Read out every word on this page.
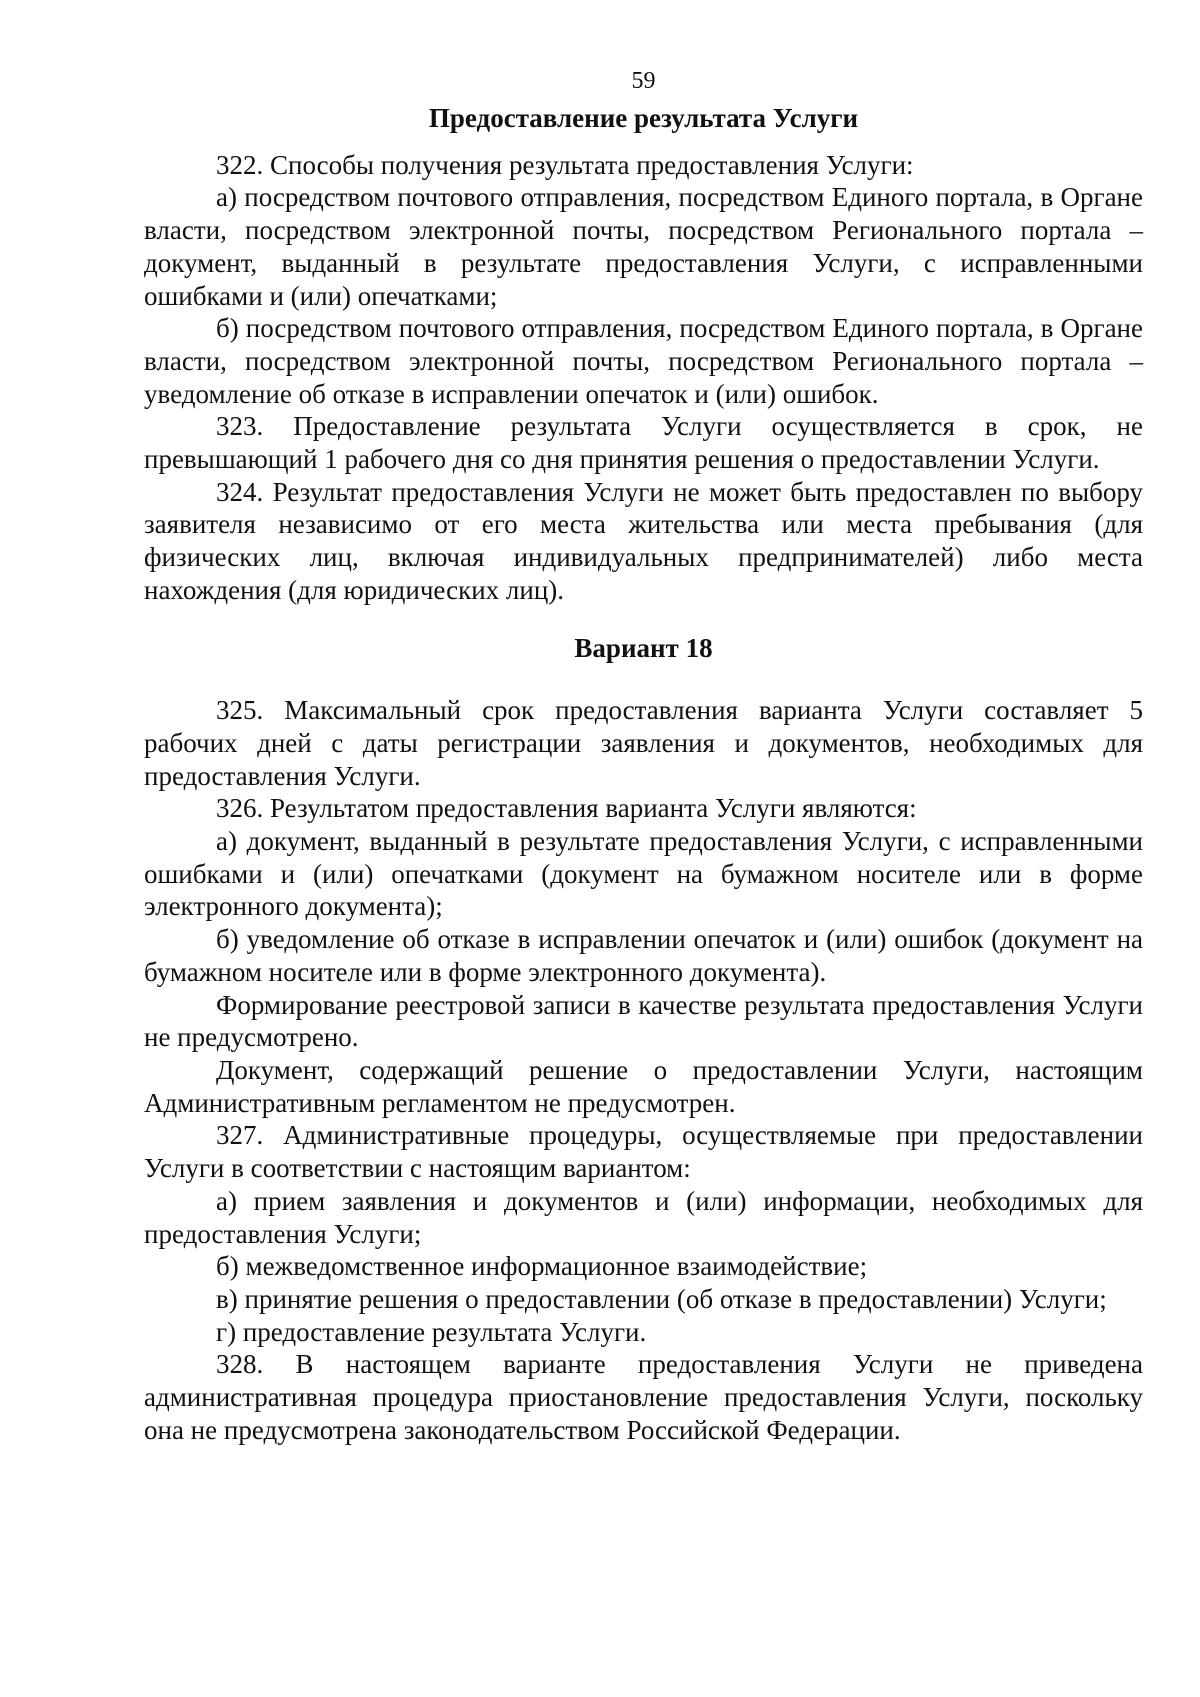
59
Предоставление результата Услуги

322. Способы получения результата предоставления Услуги:

а) посредством почтового отправления, посредством Единого портала, в Органе власти, посредством электронной почты, посредством Регионального портала – документ, выданный в результате предоставления Услуги, с исправленными ошибками и (или) опечатками;

б) посредством почтового отправления, посредством Единого портала, в Органе власти, посредством электронной почты, посредством Регионального портала – уведомление об отказе в исправлении опечаток и (или) ошибок.

323. Предоставление результата Услуги осуществляется в срок, не превышающий 1 рабочего дня со дня принятия решения о предоставлении Услуги.

324. Результат предоставления Услуги не может быть предоставлен по выбору заявителя независимо от его места жительства или места пребывания (для физических лиц, включая индивидуальных предпринимателей) либо места нахождения (для юридических лиц).

Вариант 18

325. Максимальный срок предоставления варианта Услуги составляет 5 рабочих дней с даты регистрации заявления и документов, необходимых для предоставления Услуги.

326. Результатом предоставления варианта Услуги являются:

а) документ, выданный в результате предоставления Услуги, с исправленными ошибками и (или) опечатками (документ на бумажном носителе или в форме электронного документа);

б) уведомление об отказе в исправлении опечаток и (или) ошибок (документ на бумажном носителе или в форме электронного документа).

Формирование реестровой записи в качестве результата предоставления Услуги не предусмотрено.

Документ, содержащий решение о предоставлении Услуги, настоящим Административным регламентом не предусмотрен.

327. Административные процедуры, осуществляемые при предоставлении Услуги в соответствии с настоящим вариантом:

а) прием заявления и документов и (или) информации, необходимых для предоставления Услуги;

б) межведомственное информационное взаимодействие;

в) принятие решения о предоставлении (об отказе в предоставлении) Услуги;

г) предоставление результата Услуги.

328. В настоящем варианте предоставления Услуги не приведена административная процедура приостановление предоставления Услуги, поскольку она не предусмотрена законодательством Российской Федерации.
